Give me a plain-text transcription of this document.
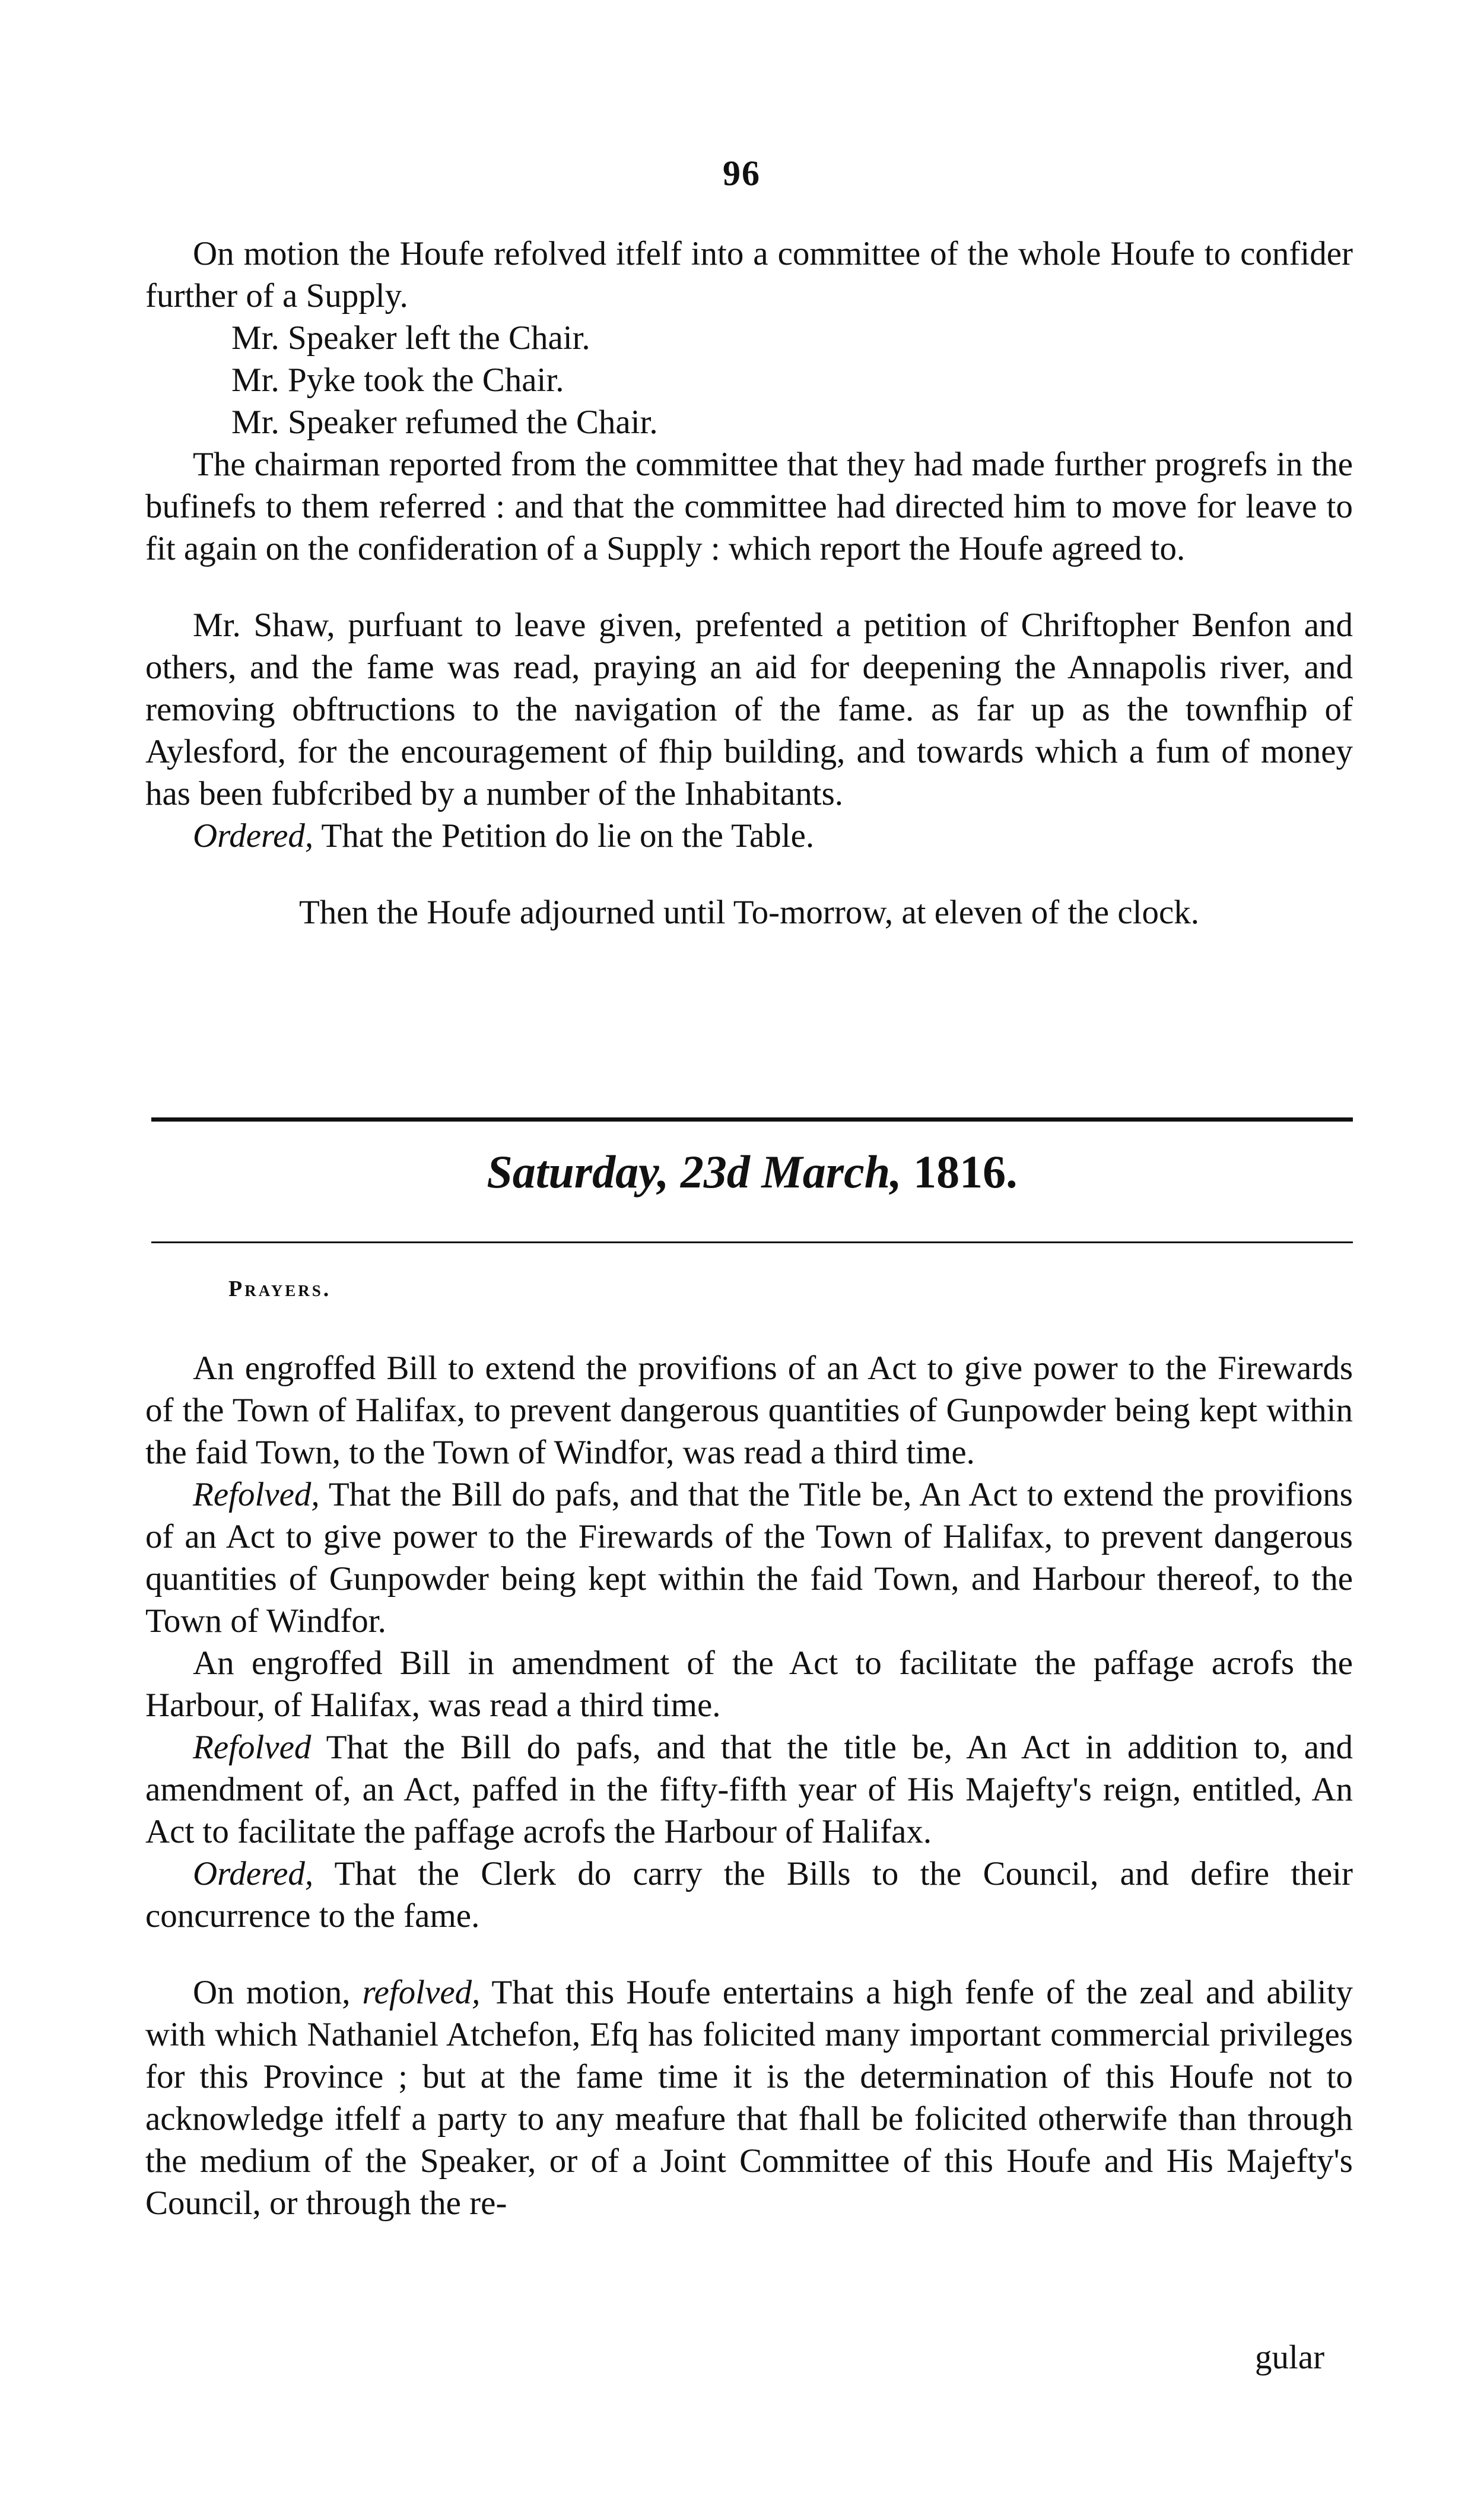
96

On motion the Houfe refolved itfelf into a committee of the whole Houfe to confider further of a Supply.

Mr. Speaker left the Chair.

Mr. Pyke took the Chair.

Mr. Speaker refumed the Chair.

The chairman reported from the committee that they had made further progrefs in the bufinefs to them referred : and that the committee had directed him to move for leave to fit again on the confideration of a Supply : which report the Houfe agreed to.

Mr. Shaw, purfuant to leave given, prefented a petition of Chriftopher Benfon and others, and the fame was read, praying an aid for deepening the Annapolis river, and removing obftructions to the navigation of the fame. as far up as the townfhip of Aylesford, for the encouragement of fhip building, and towards which a fum of money has been fubfcribed by a number of the Inhabitants.

Ordered, That the Petition do lie on the Table.

Then the Houfe adjourned until To-morrow, at eleven of the clock.

Saturday, 23d March, 1816.
Prayers.

An engroffed Bill to extend the provifions of an Act to give power to the Firewards of the Town of Halifax, to prevent dangerous quantities of Gunpowder being kept within the faid Town, to the Town of Windfor, was read a third time.

Refolved, That the Bill do pafs, and that the Title be, An Act to extend the provifions of an Act to give power to the Firewards of the Town of Halifax, to prevent dangerous quantities of Gunpowder being kept within the faid Town, and Harbour thereof, to the Town of Windfor.

An engroffed Bill in amendment of the Act to facilitate the paffage acrofs the Harbour, of Halifax, was read a third time.

Refolved That the Bill do pafs, and that the title be, An Act in addition to, and amendment of, an Act, paffed in the fifty-fifth year of His Majefty's reign, entitled, An Act to facilitate the paffage acrofs the Harbour of Halifax.

Ordered, That the Clerk do carry the Bills to the Council, and defire their concurrence to the fame.

On motion, refolved, That this Houfe entertains a high fenfe of the zeal and ability with which Nathaniel Atchefon, Efq has folicited many important commercial privileges for this Province ; but at the fame time it is the determination of this Houfe not to acknowledge itfelf a party to any meafure that fhall be folicited otherwife than through the medium of the Speaker, or of a Joint Committee of this Houfe and His Majefty's Council, or through the re-

gular
